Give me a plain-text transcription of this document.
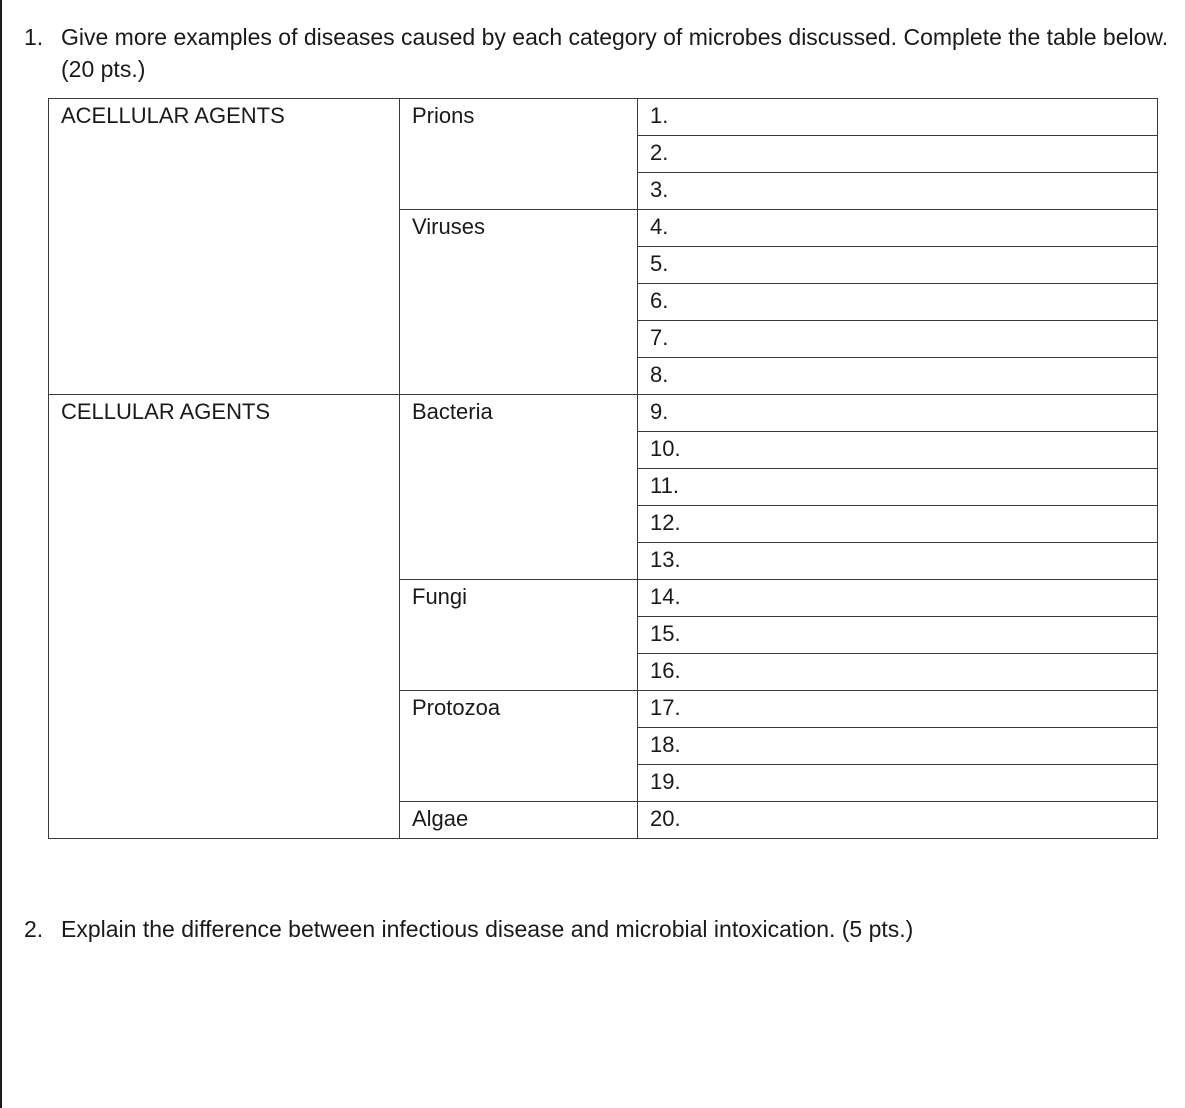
1. Give more examples of diseases caused by each category of microbes discussed. Complete the table below. (20 pts.)
ACELLULAR AGENTS	Prions	1.
		2.
		3.
	Viruses	4.
		5.
		6.
		7.
		8.
CELLULAR AGENTS	Bacteria	9.
		10.
		11.
		12.
		13.
	Fungi	14.
		15.
		16.
	Protozoa	17.
		18.
		19.
	Algae	20.
2. Explain the difference between infectious disease and microbial intoxication. (5 pts.)
